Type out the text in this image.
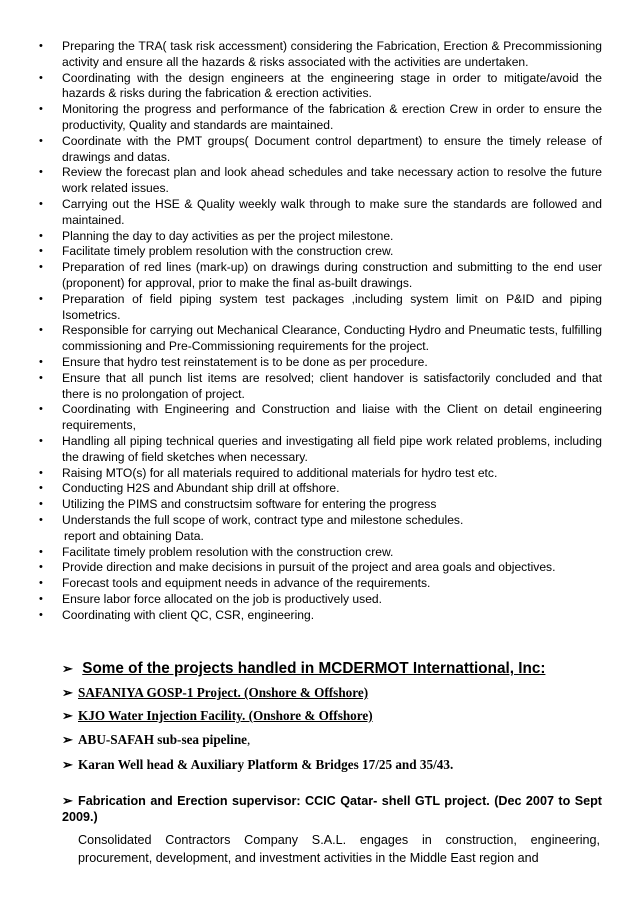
• Preparing the TRA( task risk accessment) considering the Fabrication, Erection & Precommissioning activity and ensure all the hazards & risks associated with the activities are undertaken.
• Coordinating with the design engineers at the engineering stage in order to mitigate/avoid the hazards & risks during the fabrication & erection activities.
• Monitoring the progress and performance of the fabrication & erection Crew in order to ensure the productivity, Quality and standards are maintained.
• Coordinate with the PMT groups( Document control department) to ensure the timely release of drawings and datas.
• Review the forecast plan and look ahead schedules and take necessary action to resolve the future work related issues.
• Carrying out the HSE & Quality weekly walk through to make sure the standards are followed and maintained.
• Planning the day to day activities as per the project milestone.
• Facilitate timely problem resolution with the construction crew.
• Preparation of red lines (mark-up) on drawings during construction and submitting to the end user (proponent) for approval, prior to make the final as-built drawings.
• Preparation of field piping system test packages ,including system limit on P&ID and piping Isometrics.
• Responsible for carrying out Mechanical Clearance, Conducting Hydro and Pneumatic tests, fulfilling commissioning and Pre-Commissioning requirements for the project.
• Ensure that hydro test reinstatement is to be done as per procedure.
• Ensure that all punch list items are resolved; client handover is satisfactorily concluded and that there is no prolongation of project.
• Coordinating with Engineering and Construction and liaise with the Client on detail engineering requirements,
• Handling all piping technical queries and investigating all field pipe work related problems, including the drawing of field sketches when necessary.
• Raising MTO(s) for all materials required to additional materials for hydro test etc.
• Conducting H2S and Abundant ship drill at offshore.
• Utilizing the PIMS and constructsim software for entering the progress
• Understands the full scope of work, contract type and milestone schedules.
report and obtaining Data.
• Facilitate timely problem resolution with the construction crew.
• Provide direction and make decisions in pursuit of the project and area goals and objectives.
• Forecast tools and equipment needs in advance of the requirements.
• Ensure labor force allocated on the job is productively used.
• Coordinating with client QC, CSR, engineering.
➢ Some of the projects handled in MCDERMOT Internattional, Inc:

➢ SAFANIYA GOSP-1 Project. (Onshore & Offshore)

➢ KJO Water Injection Facility. (Onshore & Offshore)

➢ ABU-SAFAH sub-sea pipeline,

➢ Karan Well head & Auxiliary Platform & Bridges 17/25 and 35/43.

➢ Fabrication and Erection supervisor: CCIC Qatar- shell GTL project. (Dec 2007 to Sept 2009.)
Consolidated Contractors Company S.A.L. engages in construction, engineering, procurement, development, and investment activities in the Middle East region and
